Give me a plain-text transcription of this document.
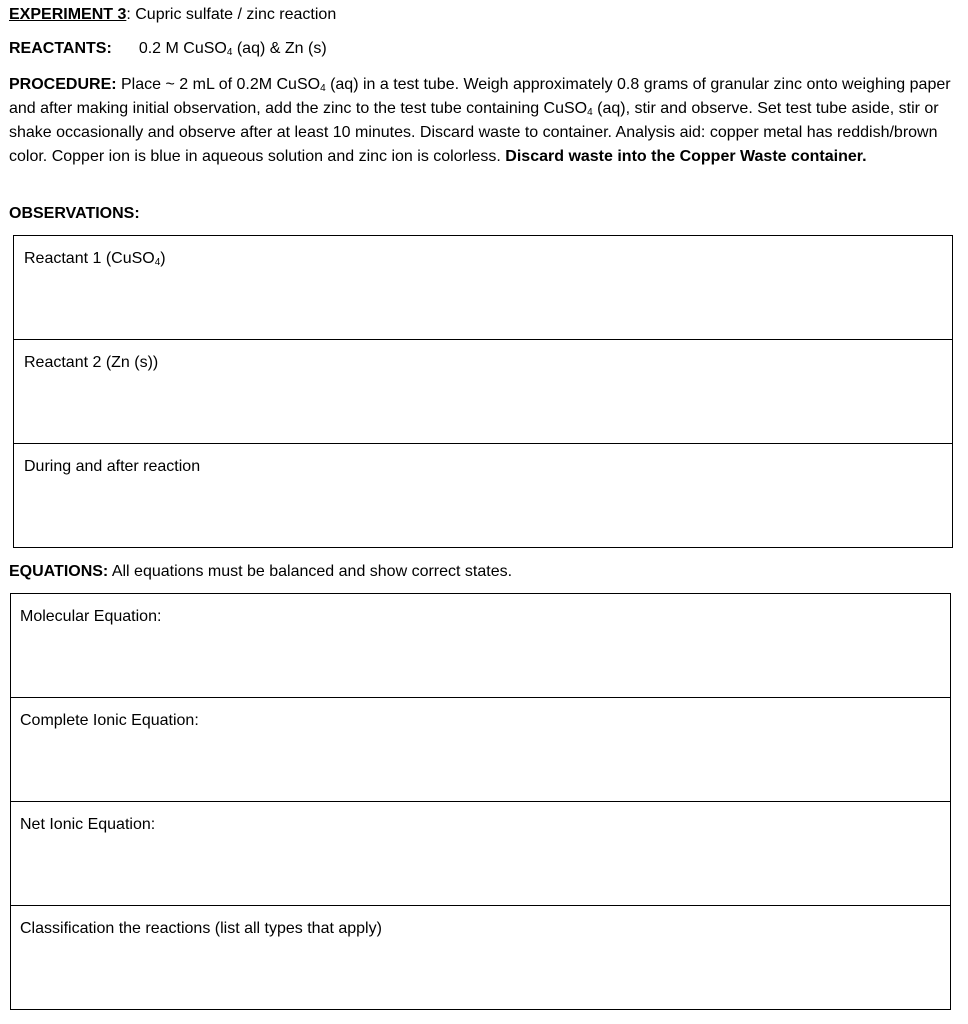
EXPERIMENT 3: Cupric sulfate / zinc reaction
REACTANTS: 0.2 M CuSO$_4$ (aq) & Zn (s)
PROCEDURE: Place ~ 2 mL of 0.2M CuSO$_4$ (aq) in a test tube. Weigh approximately 0.8 grams of granular zinc onto weighing paper and after making initial observation, add the zinc to the test tube containing CuSO$_4$ (aq), stir and observe. Set test tube aside, stir or shake occasionally and observe after at least 10 minutes. Discard waste to container. Analysis aid: copper metal has reddish/brown color. Copper ion is blue in aqueous solution and zinc ion is colorless. Discard waste into the Copper Waste container.
OBSERVATIONS:
Reactant 1 (CuSO$_4$)
Reactant 2 (Zn (s))
During and after reaction
EQUATIONS: All equations must be balanced and show correct states.
Molecular Equation:
Complete Ionic Equation:
Net Ionic Equation:
Classification the reactions (list all types that apply)
